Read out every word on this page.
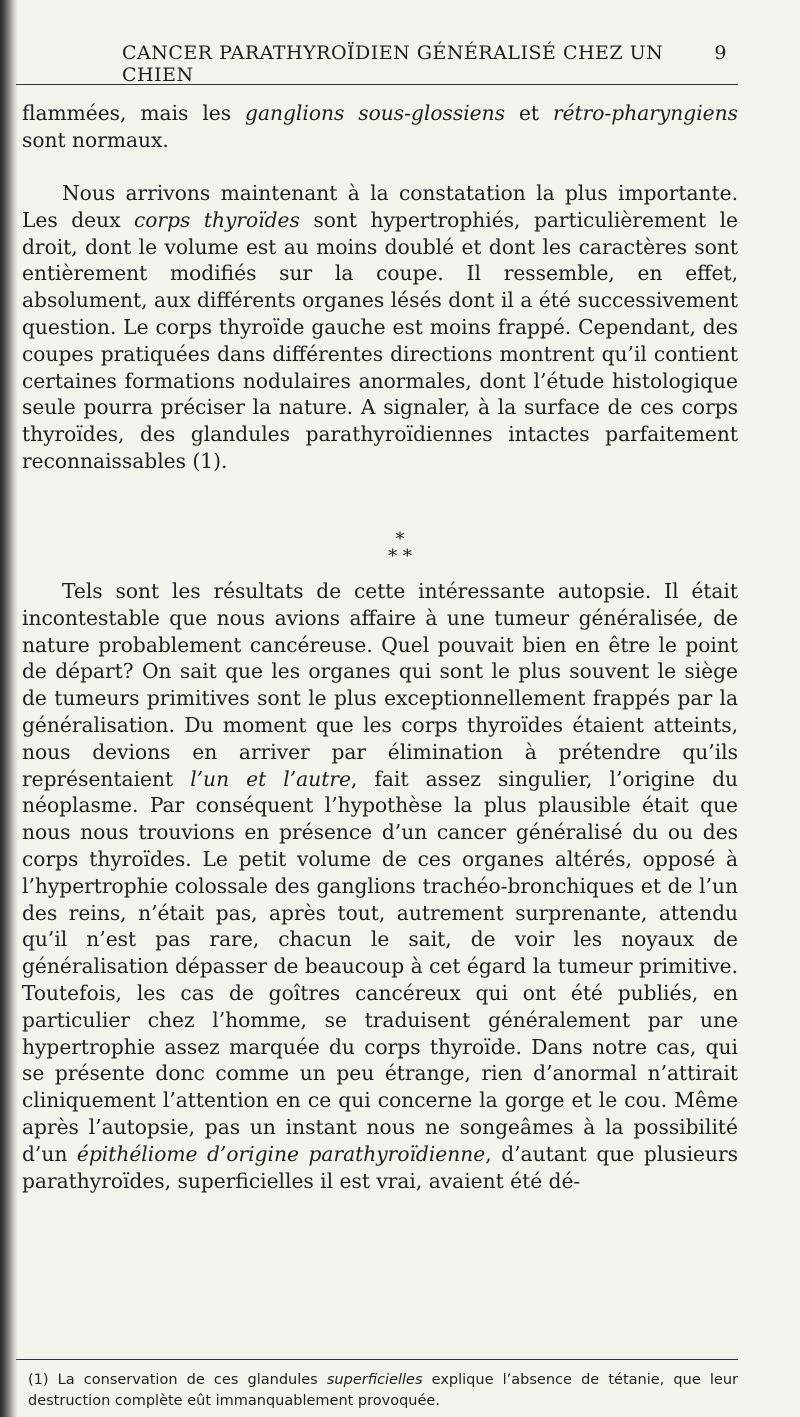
CANCER PARATHYROÏDIEN GÉNÉRALISÉ CHEZ UN CHIEN
9

flammées, mais les ganglions sous-glossiens et rétro-pharyngiens sont normaux.

Nous arrivons maintenant à la constatation la plus importante. Les deux corps thyroïdes sont hypertrophiés, particulièrement le droit, dont le volume est au moins doublé et dont les caractères sont entièrement modifiés sur la coupe. Il ressemble, en effet, absolument, aux différents organes lésés dont il a été successivement question. Le corps thyroïde gauche est moins frappé. Cependant, des coupes pratiquées dans différentes directions montrent qu’il contient certaines formations nodulaires anormales, dont l’étude histologique seule pourra préciser la nature. A signaler, à la surface de ces corps thyroïdes, des glandules parathyroïdiennes intactes parfaitement reconnaissables (1).

*
* *

Tels sont les résultats de cette intéressante autopsie. Il était incontestable que nous avions affaire à une tumeur généralisée, de nature probablement cancéreuse. Quel pouvait bien en être le point de départ? On sait que les organes qui sont le plus souvent le siège de tumeurs primitives sont le plus exceptionnellement frappés par la généralisation. Du moment que les corps thyroïdes étaient atteints, nous devions en arriver par élimination à prétendre qu’ils représentaient l’un et l’autre, fait assez singulier, l’origine du néoplasme. Par conséquent l’hypothèse la plus plausible était que nous nous trouvions en présence d’un cancer généralisé du ou des corps thyroïdes. Le petit volume de ces organes altérés, opposé à l’hypertrophie colossale des ganglions trachéo-bronchiques et de l’un des reins, n’était pas, après tout, autrement surprenante, attendu qu’il n’est pas rare, chacun le sait, de voir les noyaux de généralisation dépasser de beaucoup à cet égard la tumeur primitive. Toutefois, les cas de goîtres cancéreux qui ont été publiés, en particulier chez l’homme, se traduisent généralement par une hypertrophie assez marquée du corps thyroïde. Dans notre cas, qui se présente donc comme un peu étrange, rien d’anormal n’attirait cliniquement l’attention en ce qui concerne la gorge et le cou. Même après l’autopsie, pas un instant nous ne songeâmes à la possibilité d’un épithéliome d’origine parathyroïdienne, d’autant que plusieurs parathyroïdes, superficielles il est vrai, avaient été dé-

(1) La conservation de ces glandules superficielles explique l’absence de tétanie, que leur destruction complète eût immanquablement provoquée.
